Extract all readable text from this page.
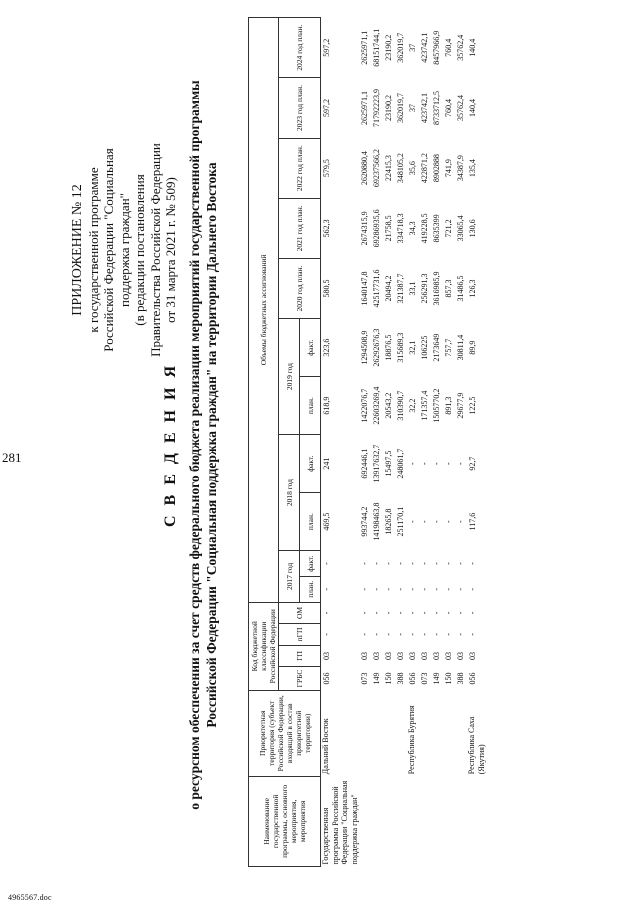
281
4965567.doc
ПРИЛОЖЕНИЕ № 12 к государственной программе Российской Федерации "Социальная поддержка граждан" (в редакции постановления Правительства Российской Федерации от 31 марта 2021 г. № 509)
С В Е Д Е Н И Я о ресурсном обеспечении за счет средств федерального бюджета реализации мероприятий государственной программы Российской Федерации "Социальная поддержка граждан" на территории Дальнего Востока
Наименование государственной программы, основного мероприятия, мероприятия	Приоритетная территория (субъект Российской Федерации, входящий в состав приоритетной территории)	Код бюджетной классификации Российской Федерации				Объемы бюджетных ассигнований										
		ГРБС	ГП	пГП	ОМ	2017 год		2018 год		2019 год		2020 год план.	2021 год план.	2022 год план.	2023 год план.	2024 год план.
						план.	факт.	план.	факт.	план.	факт.					
Государственная программа Российской Федерации "Социальная поддержка граждан"	Дальний Восток	056	03	-	-	-	-	469,5	241	618,9	323,6	580,5	562,3	579,5	597,2	597,2
		073	03	-	-	-	-	993744,2	692446,1	1422076,7	1294508,9	1640147,8	2674315,9	2620880,4	2625971,1	2625971,1
		149	03	-	-	-	-	14198463,8	13917632,7	22603269,4	26292676,3	42517731,6	69286935,6	69237566,2	71792223,9	68151744,1
		150	03	-	-	-	-	18265,8	15497,5	20543,2	18876,5	20494,2	21758,5	22415,3	23190,2	23190,2
		388	03	-	-	-	-	251170,1	248061,7	310390,7	315689,3	321387,7	334718,3	348105,2	362019,7	362019,7
	Республика Бурятия	056	03	-	-	-	-	-	-	32,2	32,1	33,1	34,3	35,6	37	37
		073	03	-	-	-	-	-	-	171357,4	106225	256291,3	419228,5	422871,2	423742,1	423742,1
		149	03	-	-	-	-	-	-	1505770,2	2173649	3616985,9	8635399	8902888	8733712,5	8457966,9
		150	03	-	-	-	-	-	-	891,3	757,7	857,3	721,2	741,9	760,4	760,4
		388	03	-	-	-	-	-	-	29677,9	30811,4	31486,5	33065,4	34387,9	35762,4	35762,4
	Республика Саха (Якутия)	056	03	-	-	-	-	117,6	92,7	122,5	89,9	126,3	130,6	135,4	140,4	140,4
